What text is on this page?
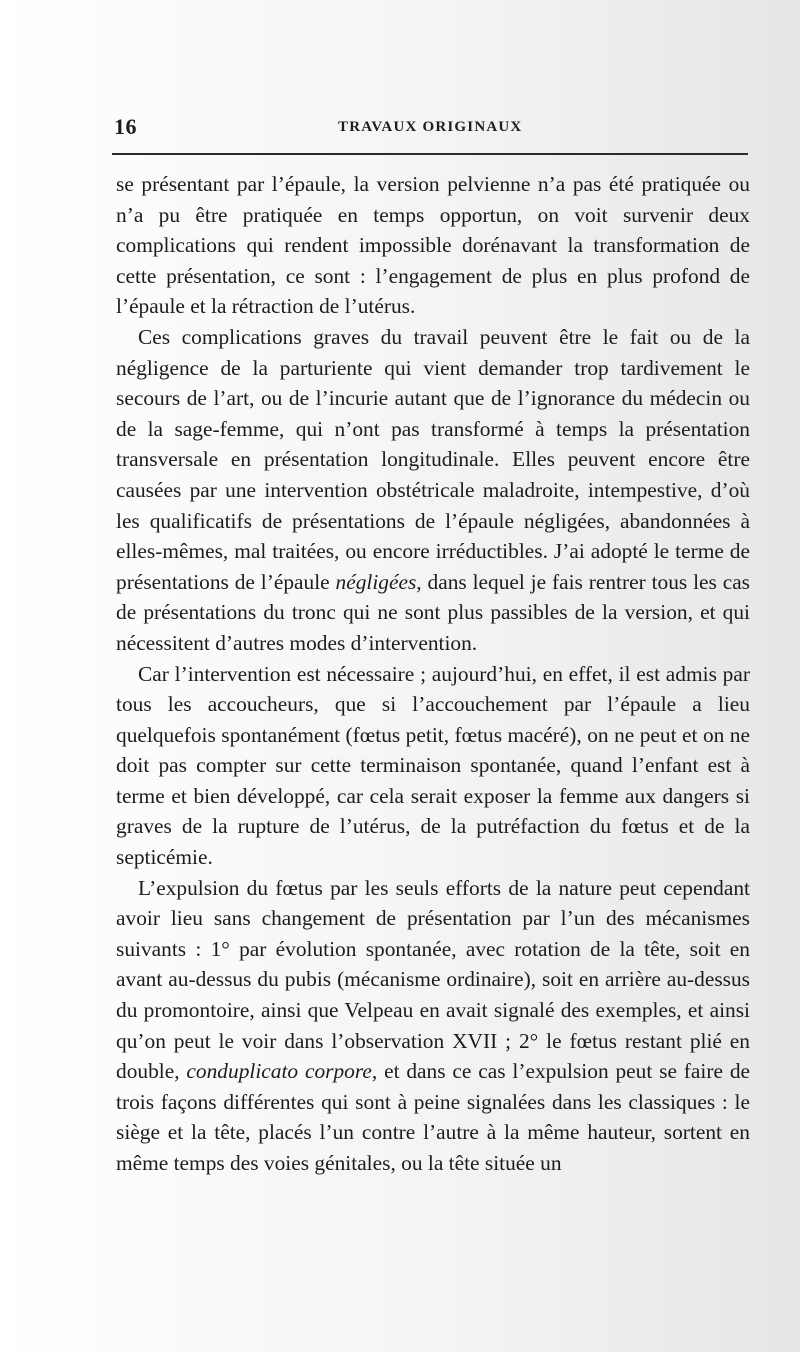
16	TRAVAUX ORIGINAUX

se présentant par l’épaule, la version pelvienne n’a pas été pratiquée ou n’a pu être pratiquée en temps opportun, on voit survenir deux complications qui rendent impossible dorénavant la transformation de cette présentation, ce sont : l’engagement de plus en plus profond de l’épaule et la rétraction de l’utérus.

Ces complications graves du travail peuvent être le fait ou de la négligence de la parturiente qui vient demander trop tardivement le secours de l’art, ou de l’incurie autant que de l’ignorance du médecin ou de la sage-femme, qui n’ont pas transformé à temps la présentation transversale en présentation longitudinale. Elles peuvent encore être causées par une intervention obstétricale maladroite, intempestive, d’où les qualificatifs de présentations de l’épaule négligées, abandonnées à elles-mêmes, mal traitées, ou encore irréductibles. J’ai adopté le terme de présentations de l’épaule négligées, dans lequel je fais rentrer tous les cas de présentations du tronc qui ne sont plus passibles de la version, et qui nécessitent d’autres modes d’intervention.

Car l’intervention est nécessaire ; aujourd’hui, en effet, il est admis par tous les accoucheurs, que si l’accouchement par l’épaule a lieu quelquefois spontanément (fœtus petit, fœtus macéré), on ne peut et on ne doit pas compter sur cette terminaison spontanée, quand l’enfant est à terme et bien développé, car cela serait exposer la femme aux dangers si graves de la rupture de l’utérus, de la putréfaction du fœtus et de la septicémie.

L’expulsion du fœtus par les seuls efforts de la nature peut cependant avoir lieu sans changement de présentation par l’un des mécanismes suivants : 1° par évolution spontanée, avec rotation de la tête, soit en avant au-dessus du pubis (mécanisme ordinaire), soit en arrière au-dessus du promontoire, ainsi que Velpeau en avait signalé des exemples, et ainsi qu’on peut le voir dans l’observation XVII ; 2° le fœtus restant plié en double, conduplicato corpore, et dans ce cas l’expulsion peut se faire de trois façons différentes qui sont à peine signalées dans les classiques : le siège et la tête, placés l’un contre l’autre à la même hauteur, sortent en même temps des voies génitales, ou la tête située un
